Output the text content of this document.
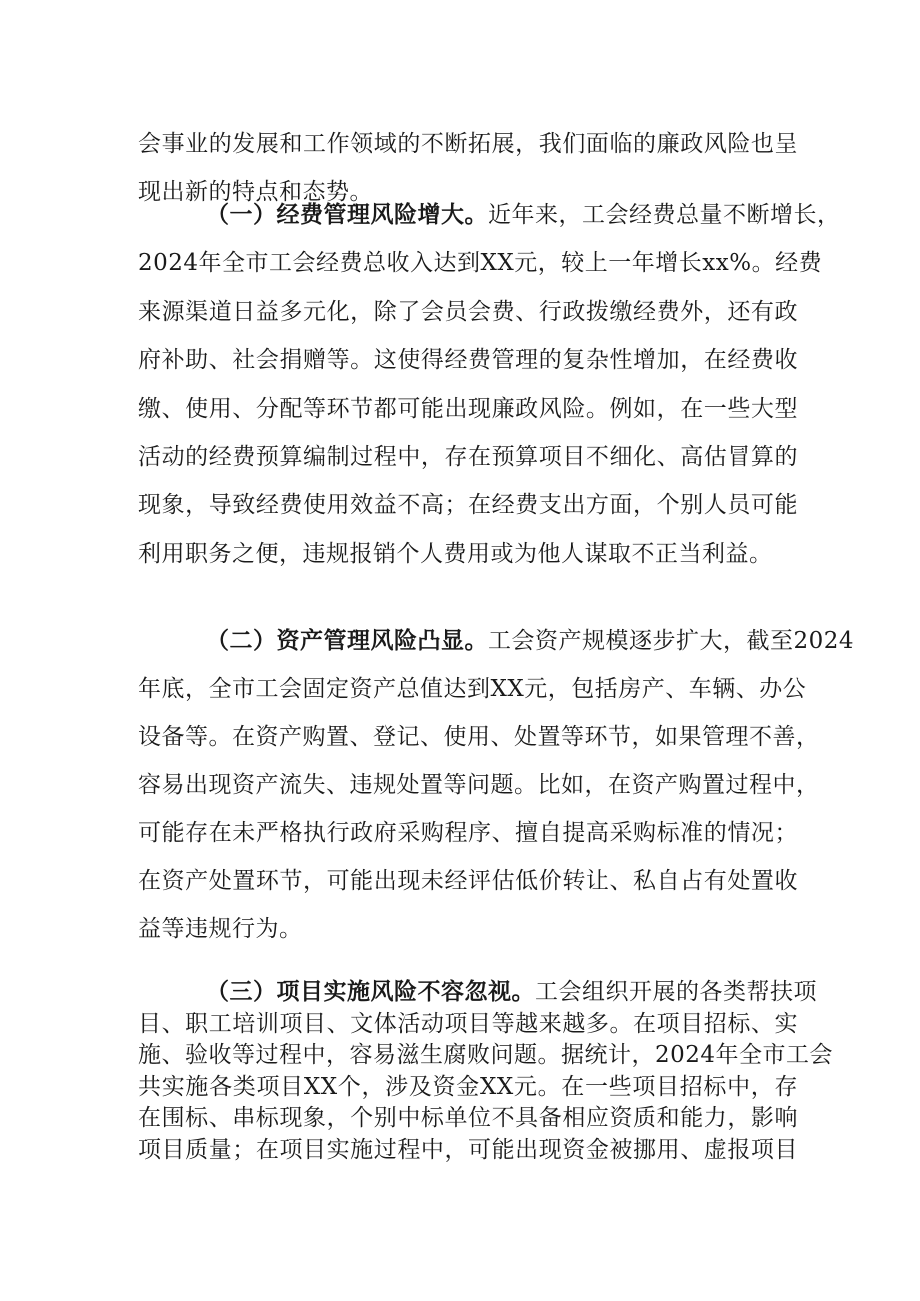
会事业的发展和工作领域的不断拓展，我们面临的廉政风险也呈
现出新的特点和态势。

（一）经费管理风险增大。近年来，工会经费总量不断增长，
2024年全市工会经费总收入达到XX元，较上一年增长xx%。经费
来源渠道日益多元化，除了会员会费、行政拨缴经费外，还有政
府补助、社会捐赠等。这使得经费管理的复杂性增加，在经费收
缴、使用、分配等环节都可能出现廉政风险。例如，在一些大型
活动的经费预算编制过程中，存在预算项目不细化、高估冒算的
现象，导致经费使用效益不高；在经费支出方面，个别人员可能
利用职务之便，违规报销个人费用或为他人谋取不正当利益。

（二）资产管理风险凸显。工会资产规模逐步扩大，截至2024
年底，全市工会固定资产总值达到XX元，包括房产、车辆、办公
设备等。在资产购置、登记、使用、处置等环节，如果管理不善，
容易出现资产流失、违规处置等问题。比如，在资产购置过程中，
可能存在未严格执行政府采购程序、擅自提高采购标准的情况；
在资产处置环节，可能出现未经评估低价转让、私自占有处置收
益等违规行为。

（三）项目实施风险不容忽视。工会组织开展的各类帮扶项
目、职工培训项目、文体活动项目等越来越多。在项目招标、实
施、验收等过程中，容易滋生腐败问题。据统计，2024年全市工会
共实施各类项目XX个，涉及资金XX元。在一些项目招标中，存
在围标、串标现象，个别中标单位不具备相应资质和能力，影响
项目质量；在项目实施过程中，可能出现资金被挪用、虚报项目
